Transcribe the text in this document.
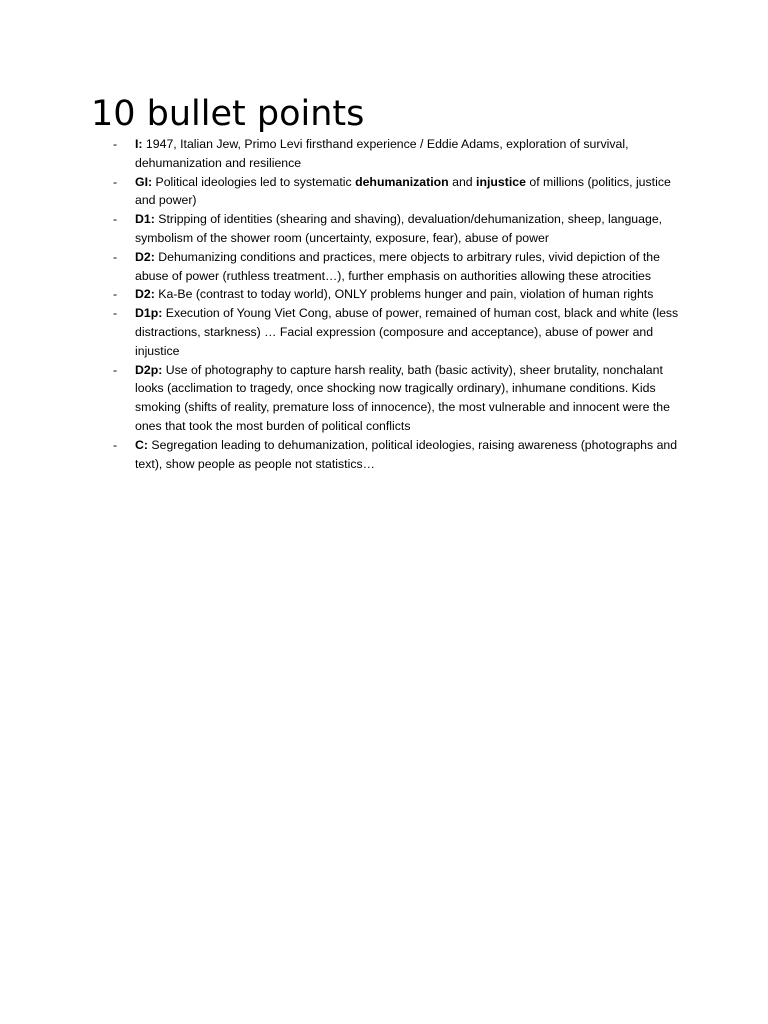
10 bullet points
- I: 1947, Italian Jew, Primo Levi firsthand experience / Eddie Adams, exploration of survival, dehumanization and resilience
- GI: Political ideologies led to systematic dehumanization and injustice of millions (politics, justice and power)
- D1: Stripping of identities (shearing and shaving), devaluation/dehumanization, sheep, language, symbolism of the shower room (uncertainty, exposure, fear), abuse of power
- D2: Dehumanizing conditions and practices, mere objects to arbitrary rules, vivid depiction of the abuse of power (ruthless treatment…), further emphasis on authorities allowing these atrocities
- D2: Ka-Be (contrast to today world), ONLY problems hunger and pain, violation of human rights
- D1p: Execution of Young Viet Cong, abuse of power, remained of human cost, black and white (less distractions, starkness) … Facial expression (composure and acceptance), abuse of power and injustice
- D2p: Use of photography to capture harsh reality, bath (basic activity), sheer brutality, nonchalant looks (acclimation to tragedy, once shocking now tragically ordinary), inhumane conditions. Kids smoking (shifts of reality, premature loss of innocence), the most vulnerable and innocent were the ones that took the most burden of political conflicts
- C: Segregation leading to dehumanization, political ideologies, raising awareness (photographs and text), show people as people not statistics…
